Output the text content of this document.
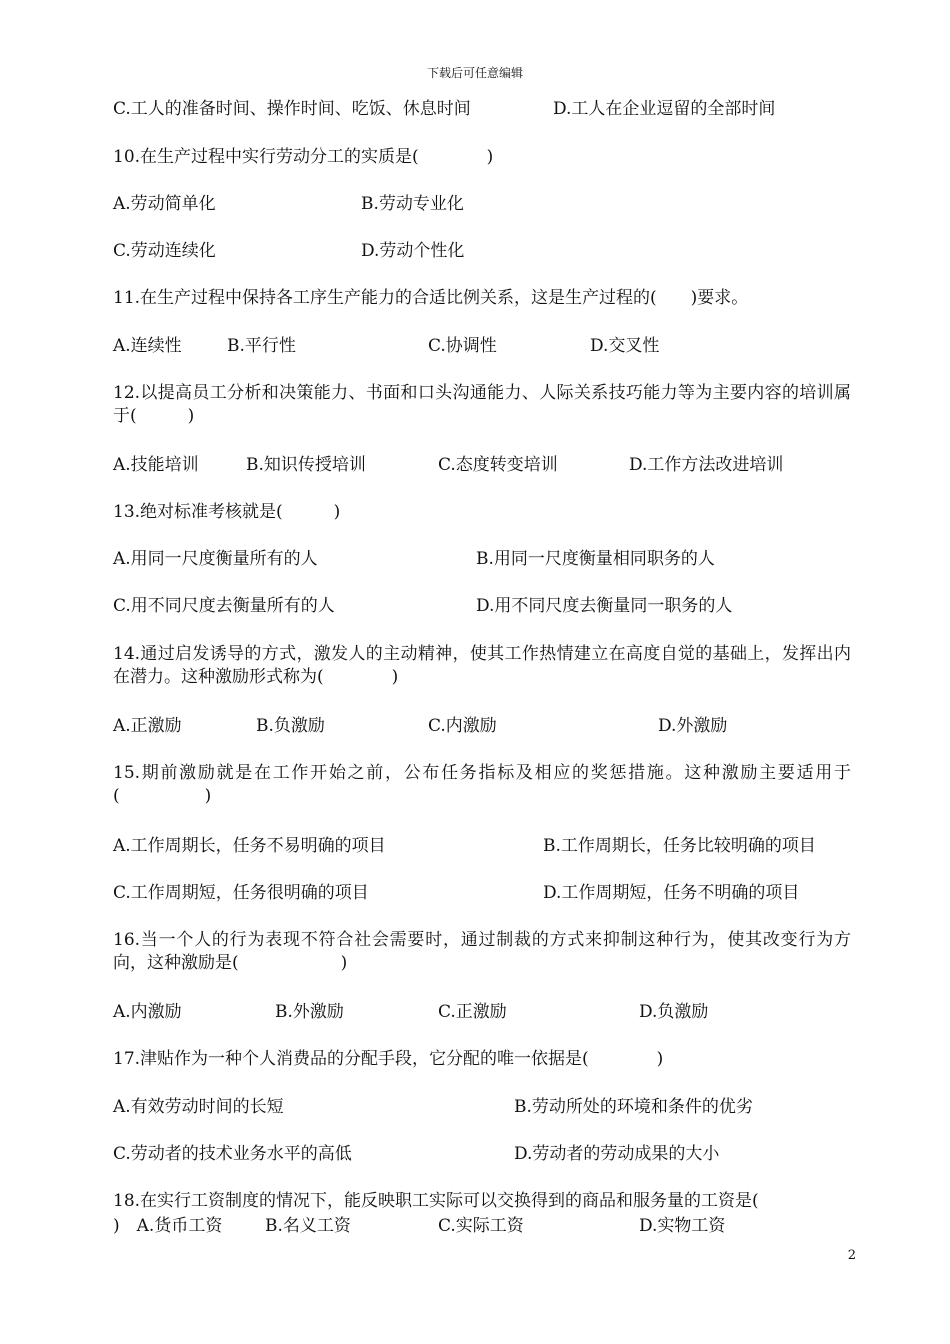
下载后可任意编辑
C.工人的准备时间、操作时间、吃饭、休息时间	D.工人在企业逗留的全部时间
10.在生产过程中实行劳动分工的实质是(　　　　)
A.劳动简单化	B.劳动专业化
C.劳动连续化	D.劳动个性化
11.在生产过程中保持各工序生产能力的合适比例关系，这是生产过程的(　　)要求。
A.连续性	B.平行性	C.协调性	D.交叉性
12.以提高员工分析和决策能力、书面和口头沟通能力、人际关系技巧能力等为主要内容的培训属于(　　　)
A.技能培训	B.知识传授培训	C.态度转变培训	D.工作方法改进培训
13.绝对标准考核就是(　　　)
A.用同一尺度衡量所有的人	B.用同一尺度衡量相同职务的人
C.用不同尺度去衡量所有的人	D.用不同尺度去衡量同一职务的人
14.通过启发诱导的方式，激发人的主动精神，使其工作热情建立在高度自觉的基础上，发挥出内在潜力。这种激励形式称为(　　　　)
A.正激励	B.负激励	C.内激励	D.外激励
15.期前激励就是在工作开始之前，公布任务指标及相应的奖惩措施。这种激励主要适用于(　　　　　)
A.工作周期长，任务不易明确的项目	B.工作周期长，任务比较明确的项目
C.工作周期短，任务很明确的项目	D.工作周期短，任务不明确的项目
16.当一个人的行为表现不符合社会需要时，通过制裁的方式来抑制这种行为，使其改变行为方向，这种激励是(　　　　　　)
A.内激励	B.外激励	C.正激励	D.负激励
17.津贴作为一种个人消费品的分配手段，它分配的唯一依据是(　　　　)
A.有效劳动时间的长短	B.劳动所处的环境和条件的优劣
C.劳动者的技术业务水平的高低	D.劳动者的劳动成果的大小
18.在实行工资制度的情况下，能反映职工实际可以交换得到的商品和服务量的工资是(
)　A.货币工资	B.名义工资	C.实际工资	D.实物工资
2
